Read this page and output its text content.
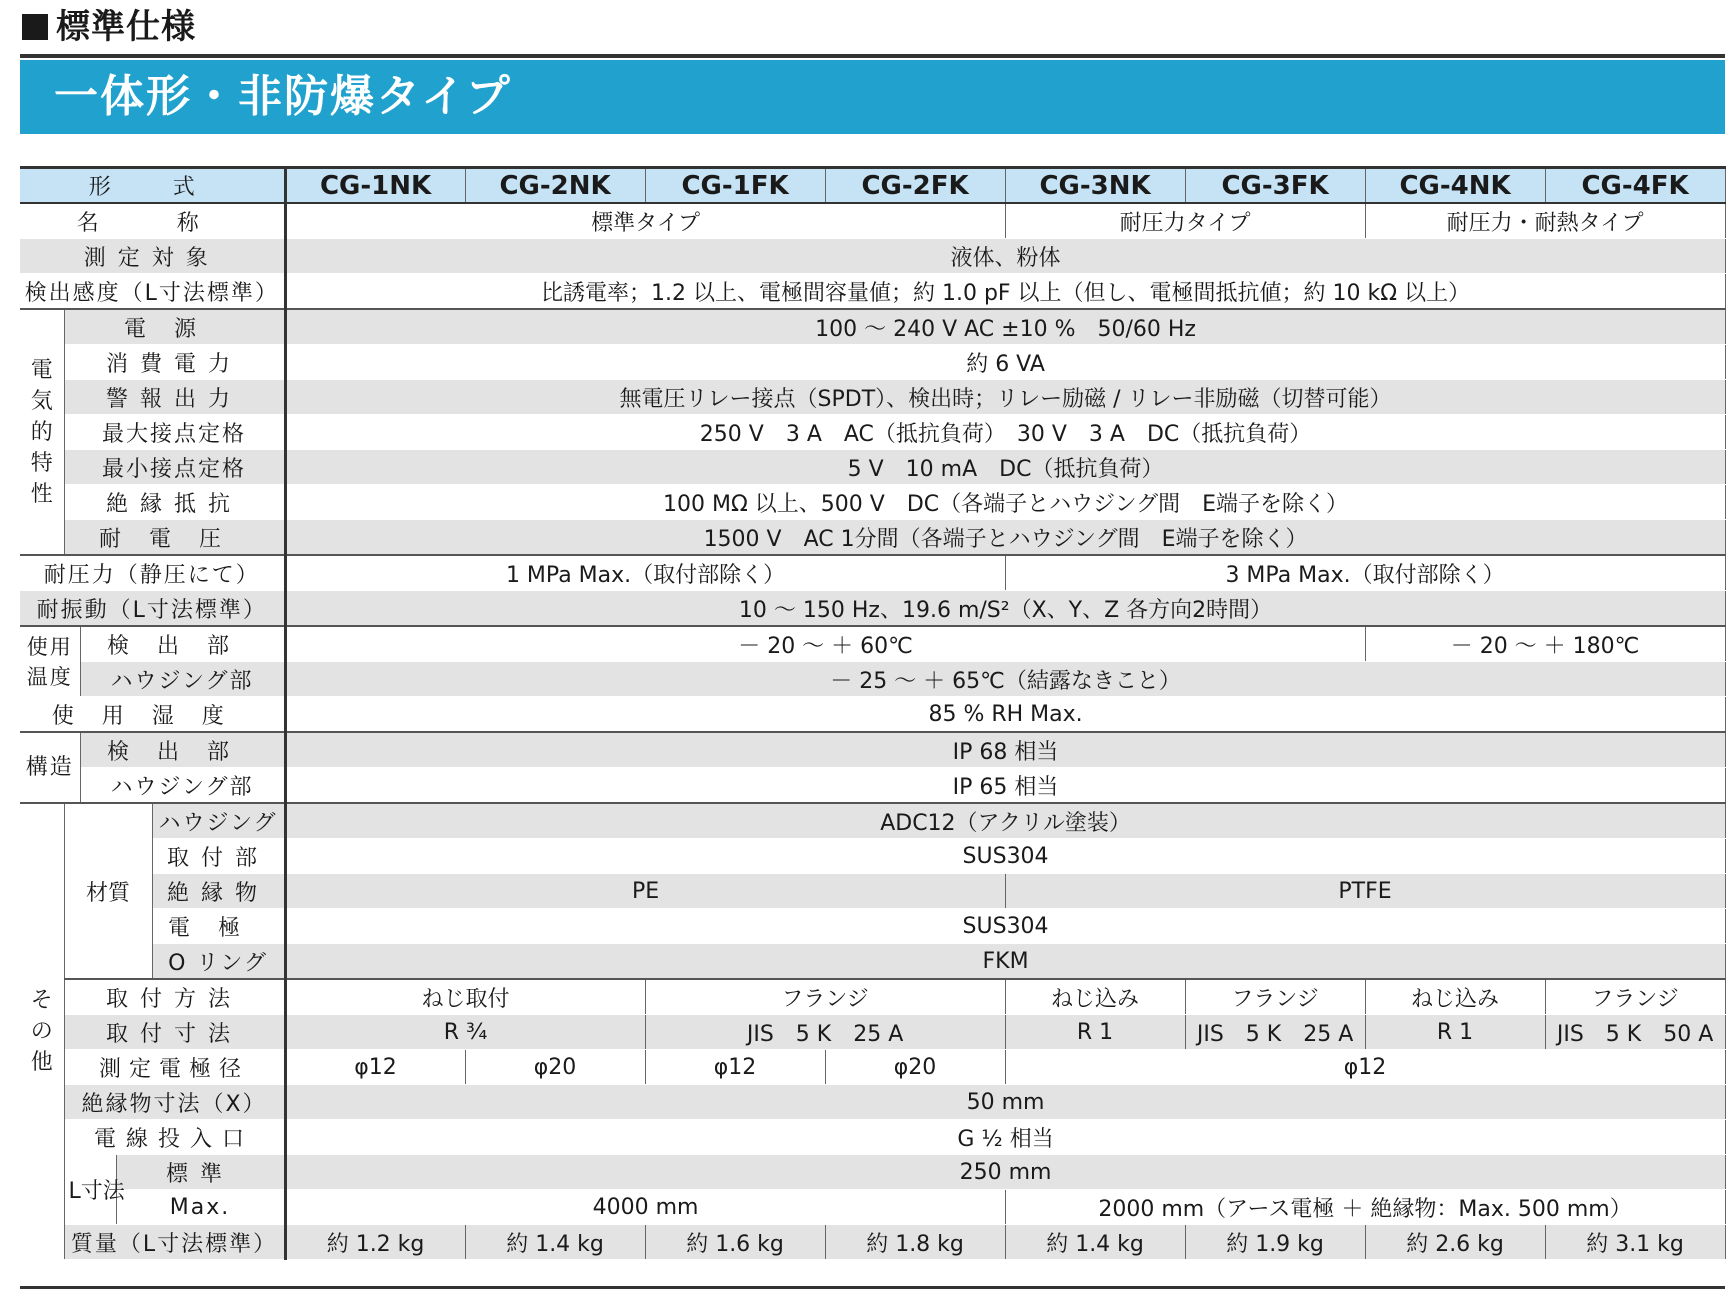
標準仕様
一体形・非防爆タイプ
形　式					CG-1NK	CG-2NK	CG-1FK	CG-2FK	CG-3NK	CG-3FK	CG-4NK	CG-4FK
名　称					標準タイプ				耐圧力タイプ		耐圧力・耐熱タイプ	
測定対象					液体、粉体							
検出感度（L寸法標準）					比誘電率；1.2 以上、電極間容量値；約 1.0 pF 以上（但し、電極間抵抗値；約 10 kΩ 以上）							
電気的特性	電源				100 ～ 240 V AC ±10 %　50/60 Hz							
	消費電力				約 6 VA							
	警報出力				無電圧リレー接点（SPDT）、検出時；リレー励磁 / リレー非励磁（切替可能）							
	最大接点定格				250 V　3 A　AC（抵抗負荷）　30 V　3 A　DC（抵抗負荷）							
	最小接点定格				5 V　10 mA　DC（抵抗負荷）							
	絶縁抵抗				100 MΩ 以上、500 V　DC（各端子とハウジング間　E端子を除く）							
	耐電圧				1500 V　AC 1分間（各端子とハウジング間　E端子を除く）							
耐圧力（静圧にて）					1 MPa Max.（取付部除く）				3 MPa Max.（取付部除く）			
耐振動（L寸法標準）					10 ～ 150 Hz、19.6 m/S²（X、Y、Z 各方向2時間）							
使用温度		検出部			－ 20 ～ ＋ 60℃						－ 20 ～ ＋ 180℃	
		ハウジング部			－ 25 ～ ＋ 65℃（結露なきこと）							
使用湿度					85 % RH Max.							
構造		検出部			IP 68 相当							
		ハウジング部			IP 65 相当							
その他	材質			ハウジング	ADC12（アクリル塗装）							
				取付部	SUS304							
				絶縁物	PE				PTFE			
				電極	SUS304							
				O リング	FKM							
	取付方法				ねじ取付		フランジ		ねじ込み	フランジ	ねじ込み	フランジ
	取付寸法				R ¾		JIS　5 K　25 A		R 1	JIS　5 K　25 A	R 1	JIS　5 K　50 A
	測定電極径				φ12	φ20	φ12	φ20	φ12			
	絶縁物寸法（X）				50 mm							
	電線投入口				G ½ 相当							
	L寸法		標準		250 mm							
			Max.		4000 mm				2000 mm（アース電極 ＋ 絶縁物：Max. 500 mm）			
	質量（L寸法標準）				約 1.2 kg	約 1.4 kg	約 1.6 kg	約 1.8 kg	約 1.4 kg	約 1.9 kg	約 2.6 kg	約 3.1 kg
